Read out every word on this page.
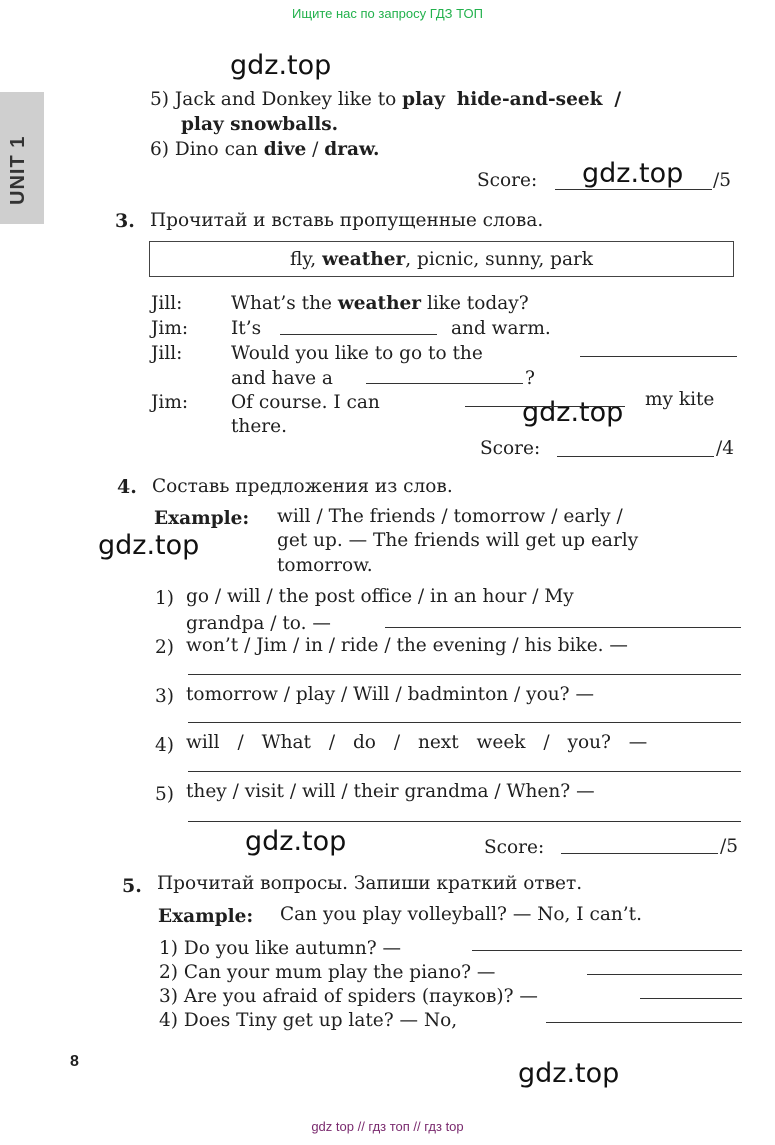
Ищите нас по запросу ГДЗ ТОП
UNIT 1
gdz.top
gdz.top
gdz.top
gdz.top
gdz.top
gdz.top
5) Jack and Donkey like to play hide-and-seek /
play snowballs.
6) Dino can dive / draw.
Score:	/5
3. Прочитай и вставь пропущенные слова.
fly, weather, picnic, sunny, park
Jill:	What’s the weather like today?
Jim: It’s	and warm.
Jill:	Would you like to go to the
and have a	?
Jim: Of course. I can	my kite
there.
Score:	/4
4. Составь предложения из слов.
Example: will / The friends / tomorrow / early /
get up. — The friends will get up early
tomorrow.
1) go / will / the post office / in an hour / My
grandpa / to. —
2) won’t / Jim / in / ride / the evening / his bike. —
3) tomorrow / play / Will / badminton / you? —
4) will / What / do / next week / you? —
5) they / visit / will / their grandma / When? —
Score:	/5
5. Прочитай вопросы. Запиши краткий ответ.
Example: Can you play volleyball? — No, I can’t.
1) Do you like autumn? —
2) Can your mum play the piano? —
3) Are you afraid of spiders (пауков)? —
4) Does Tiny get up late? — No,
8
gdz top // гдз топ // гдз top
